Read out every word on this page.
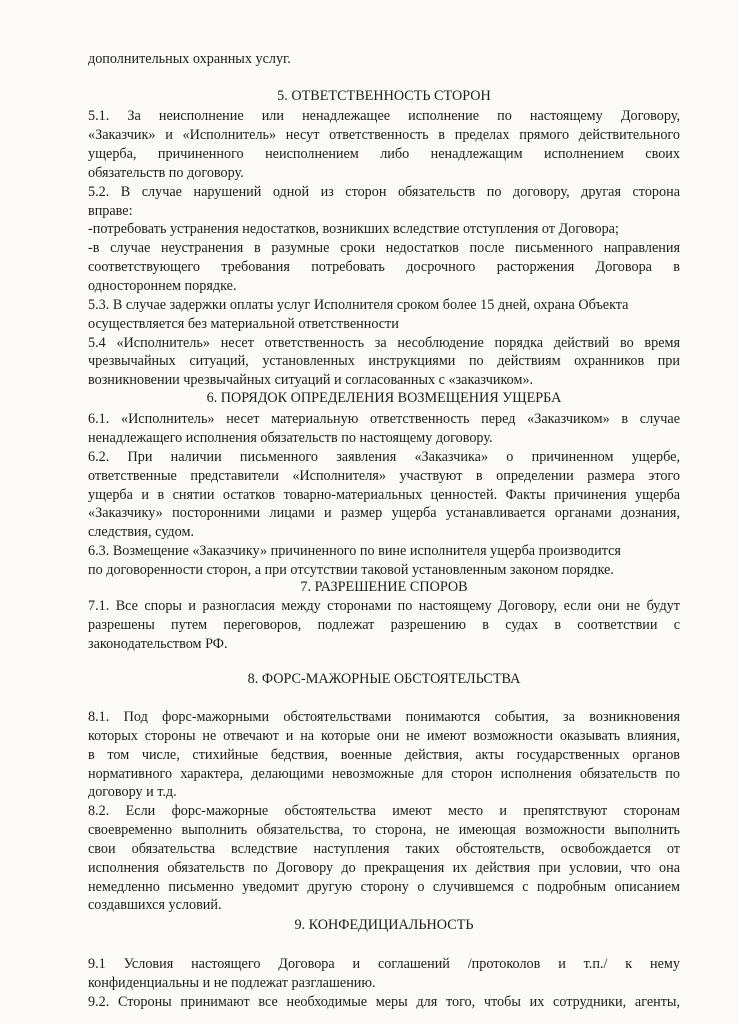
дополнительных охранных услуг.
5. ОТВЕТСТВЕННОСТЬ СТОРОН
5.1. За неисполнение или ненадлежащее исполнение по настоящему Договору,
«Заказчик» и «Исполнитель» несут ответственность в пределах прямого действительного
ущерба, причиненного неисполнением либо ненадлежащим исполнением своих
обязательств по договору.
5.2. В случае нарушений одной из сторон обязательств по договору, другая сторона
вправе:
-потребовать устранения недостатков, возникших вследствие отступления от Договора;
-в случае неустранения в разумные сроки недостатков после письменного направления
соответствующего требования потребовать досрочного расторжения Договора в
одностороннем порядке.
5.3. В случае задержки оплаты услуг Исполнителя сроком более 15 дней, охрана Объекта
осуществляется без материальной ответственности
5.4 «Исполнитель» несет ответственность за несоблюдение порядка действий во время
чрезвычайных ситуаций, установленных инструкциями по действиям охранников при
возникновении чрезвычайных ситуаций и согласованных с «заказчиком».
6. ПОРЯДОК ОПРЕДЕЛЕНИЯ ВОЗМЕЩЕНИЯ УЩЕРБА
6.1. «Исполнитель» несет материальную ответственность перед «Заказчиком» в случае
ненадлежащего исполнения обязательств по настоящему договору.
6.2. При наличии письменного заявления «Заказчика» о причиненном ущербе,
ответственные представители «Исполнителя» участвуют в определении размера этого
ущерба и в снятии остатков товарно-материальных ценностей. Факты причинения ущерба
«Заказчику» посторонними лицами и размер ущерба устанавливается органами дознания,
следствия, судом.
6.3. Возмещение «Заказчику» причиненного по вине исполнителя ущерба производится
по договоренности сторон, а при отсутствии таковой установленным законом порядке.
7. РАЗРЕШЕНИЕ СПОРОВ
7.1. Все споры и разногласия между сторонами по настоящему Договору, если они не будут
разрешены путем переговоров, подлежат разрешению в судах в соответствии с
законодательством РФ.
8. ФОРС-МАЖОРНЫЕ ОБСТОЯТЕЛЬСТВА
8.1. Под форс-мажорными обстоятельствами понимаются события, за возникновения
которых стороны не отвечают и на которые они не имеют возможности оказывать влияния,
в том числе, стихийные бедствия, военные действия, акты государственных органов
нормативного характера, делающими невозможные для сторон исполнения обязательств по
договору и т.д.
8.2. Если форс-мажорные обстоятельства имеют место и препятствуют сторонам
своевременно выполнить обязательства, то сторона, не имеющая возможности выполнить
свои обязательства вследствие наступления таких обстоятельств, освобождается от
исполнения обязательств по Договору до прекращения их действия при условии, что она
немедленно письменно уведомит другую сторону о случившемся с подробным описанием
создавшихся условий.
9. КОНФЕДИЦИАЛЬНОСТЬ
9.1 Условия настоящего Договора и соглашений /протоколов и т.п./ к нему
конфиденциальны и не подлежат разглашению.
9.2. Стороны принимают все необходимые меры для того, чтобы их сотрудники, агенты,
